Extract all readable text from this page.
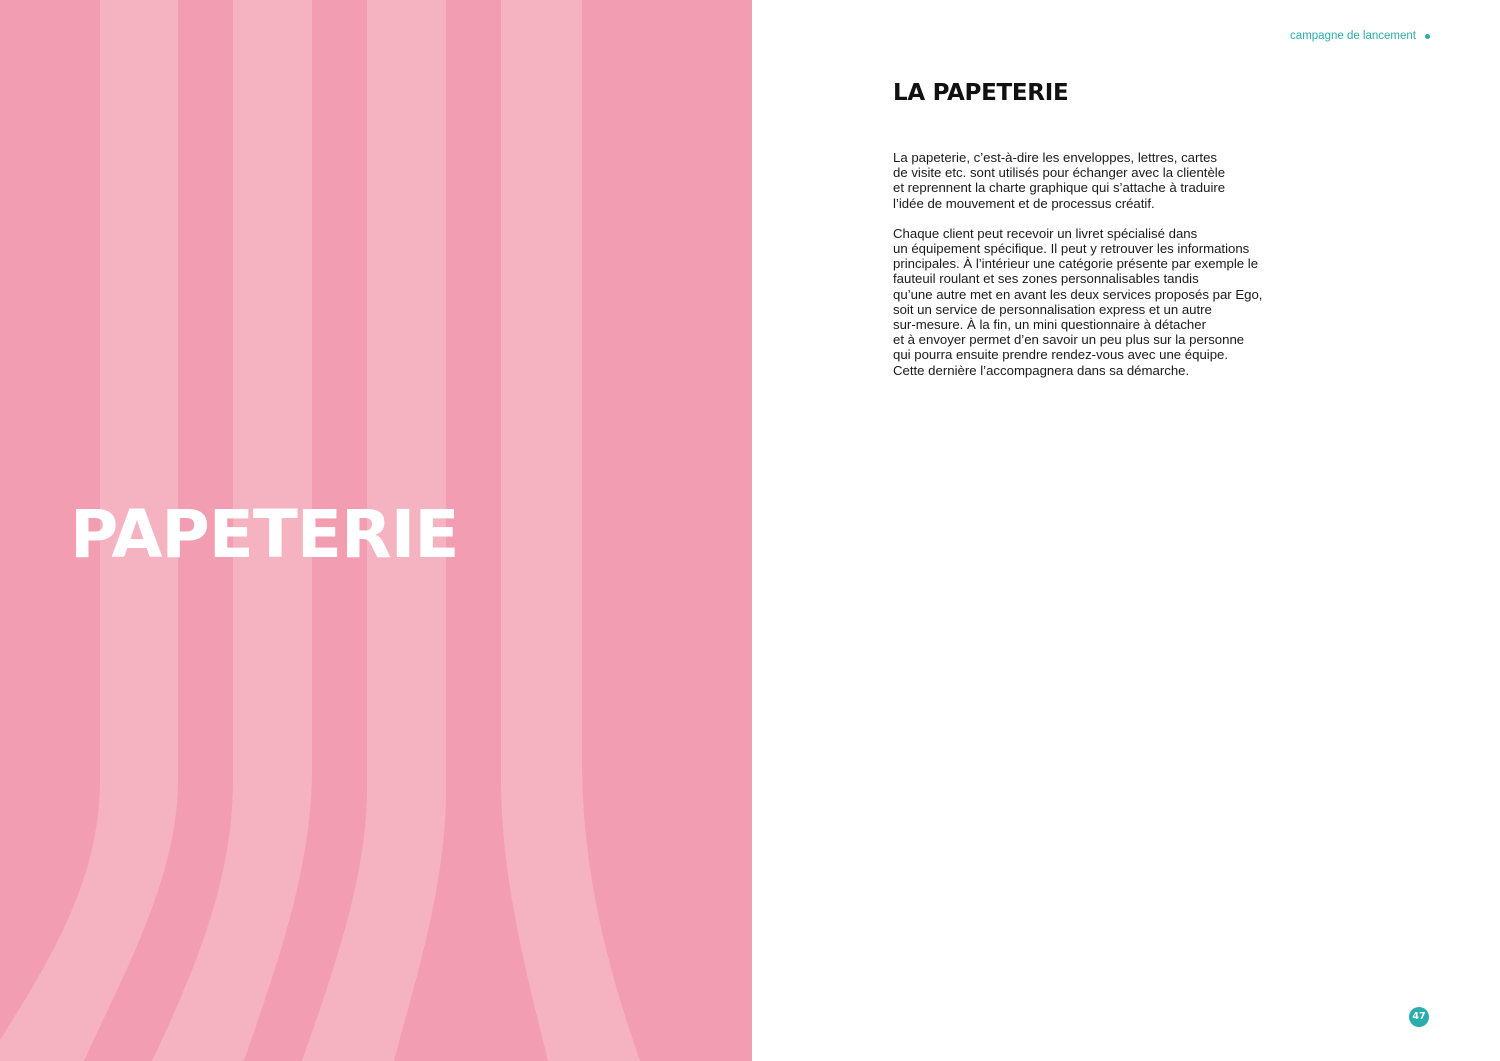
PAPETERIE
campagne de lancement
LA PAPETERIE

La papeterie, c’est-à-dire les enveloppes, lettres, cartes
de visite etc. sont utilisés pour échanger avec la clientèle
et reprennent la charte graphique qui s’attache à traduire
l’idée de mouvement et de processus créatif.

Chaque client peut recevoir un livret spécialisé dans
un équipement spécifique. Il peut y retrouver les informations
principales. À l’intérieur une catégorie présente par exemple le
fauteuil roulant et ses zones personnalisables tandis
qu’une autre met en avant les deux services proposés par Ego,
soit un service de personnalisation express et un autre
sur-mesure. À la fin, un mini questionnaire à détacher
et à envoyer permet d’en savoir un peu plus sur la personne
qui pourra ensuite prendre rendez-vous avec une équipe.
Cette dernière l’accompagnera dans sa démarche.

47
